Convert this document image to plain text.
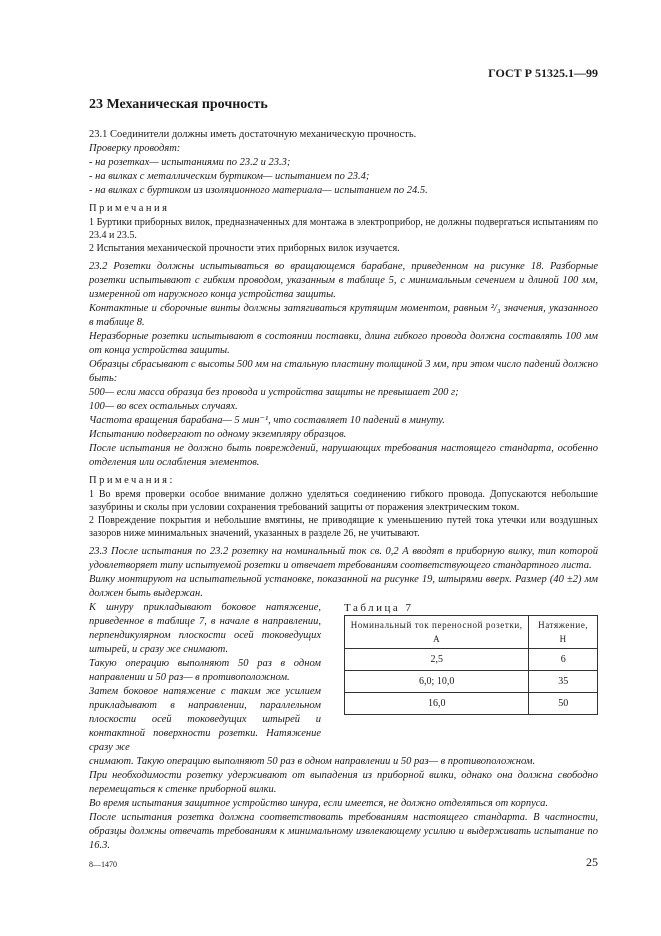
ГОСТ Р 51325.1—99
23 Механическая прочность

23.1 Соединители должны иметь достаточную механическую прочность.

Проверку проводят:

- на розетках— испытаниями по 23.2 и 23.3;

- на вилках с металлическим буртиком— испытанием по 23.4;

- на вилках с буртиком из изоляционного материала— испытанием по 24.5.

Примечания

1 Буртики приборных вилок, предназначенных для монтажа в электроприбор, не должны подвергаться испытаниям по 23.4 и 23.5.

2 Испытания механической прочности этих приборных вилок изучается.

23.2 Розетки должны испытываться во вращающемся барабане, приведенном на рисунке 18. Разборные розетки испытывают с гибким проводом, указанным в таблице 5, с минимальным сечением и длиной 100 мм, измеренной от наружного конца устройства защиты.

Контактные и сборочные винты должны затягиваться крутящим моментом, равным ²/₃ значения, указанного в таблице 8.

Неразборные розетки испытывают в состоянии поставки, длина гибкого провода должна составлять 100 мм от конца устройства защиты.

Образцы сбрасывают с высоты 500 мм на стальную пластину толщиной 3 мм, при этом число падений должно быть:

500— если масса образца без провода и устройства защиты не превышает 200 г;

100— во всех остальных случаях.

Частота вращения барабана— 5 мин⁻¹, что составляет 10 падений в минуту.

Испытанию подвергают по одному экземпляру образцов.

После испытания не должно быть повреждений, нарушающих требования настоящего стандарта, особенно отделения или ослабления элементов.

Примечания:

1 Во время проверки особое внимание должно уделяться соединению гибкого провода. Допускаются небольшие зазубрины и сколы при условии сохранения требований защиты от поражения электрическим током.

2 Повреждение покрытия и небольшие вмятины, не приводящие к уменьшению путей тока утечки или воздушных зазоров ниже минимальных значений, указанных в разделе 26, не учитывают.

23.3 После испытания по 23.2 розетку на номинальный ток св. 0,2 А вводят в приборную вилку, тип которой удовлетворяет типу испытуемой розетки и отвечает требованиям соответствующего стандартного листа.

Вилку монтируют на испытательной установке, показанной на рисунке 19, штырями вверх. Размер (40 ±2) мм должен быть выдержан.

К шнуру прикладывают боковое натяжение, приведенное в таблице 7, в начале в направлении, перпендикулярном плоскости осей токоведущих штырей, и сразу же снимают.

Такую операцию выполняют 50 раз в одном направлении и 50 раз— в противоположном.

Затем боковое натяжение с таким же усилием прикладывают в направлении, параллельном плоскости осей токоведущих штырей и контактной поверхности розетки. Натяжение сразу же

Таблица 7

Номинальный ток переносной розетки, А	Натяжение, Н
2,5	6
6,0; 10,0	35
16,0	50

снимают. Такую операцию выполняют 50 раз в одном направлении и 50 раз— в противоположном.

При необходимости розетку удерживают от выпадения из приборной вилки, однако она должна свободно перемещаться к стенке приборной вилки.

Во время испытания защитное устройство шнура, если имеется, не должно отделяться от корпуса.

После испытания розетка должна соответствовать требованиям настоящего стандарта. В частности, образцы должны отвечать требованиям к минимальному извлекающему усилию и выдерживать испытание по 16.3.

8—1470	25
